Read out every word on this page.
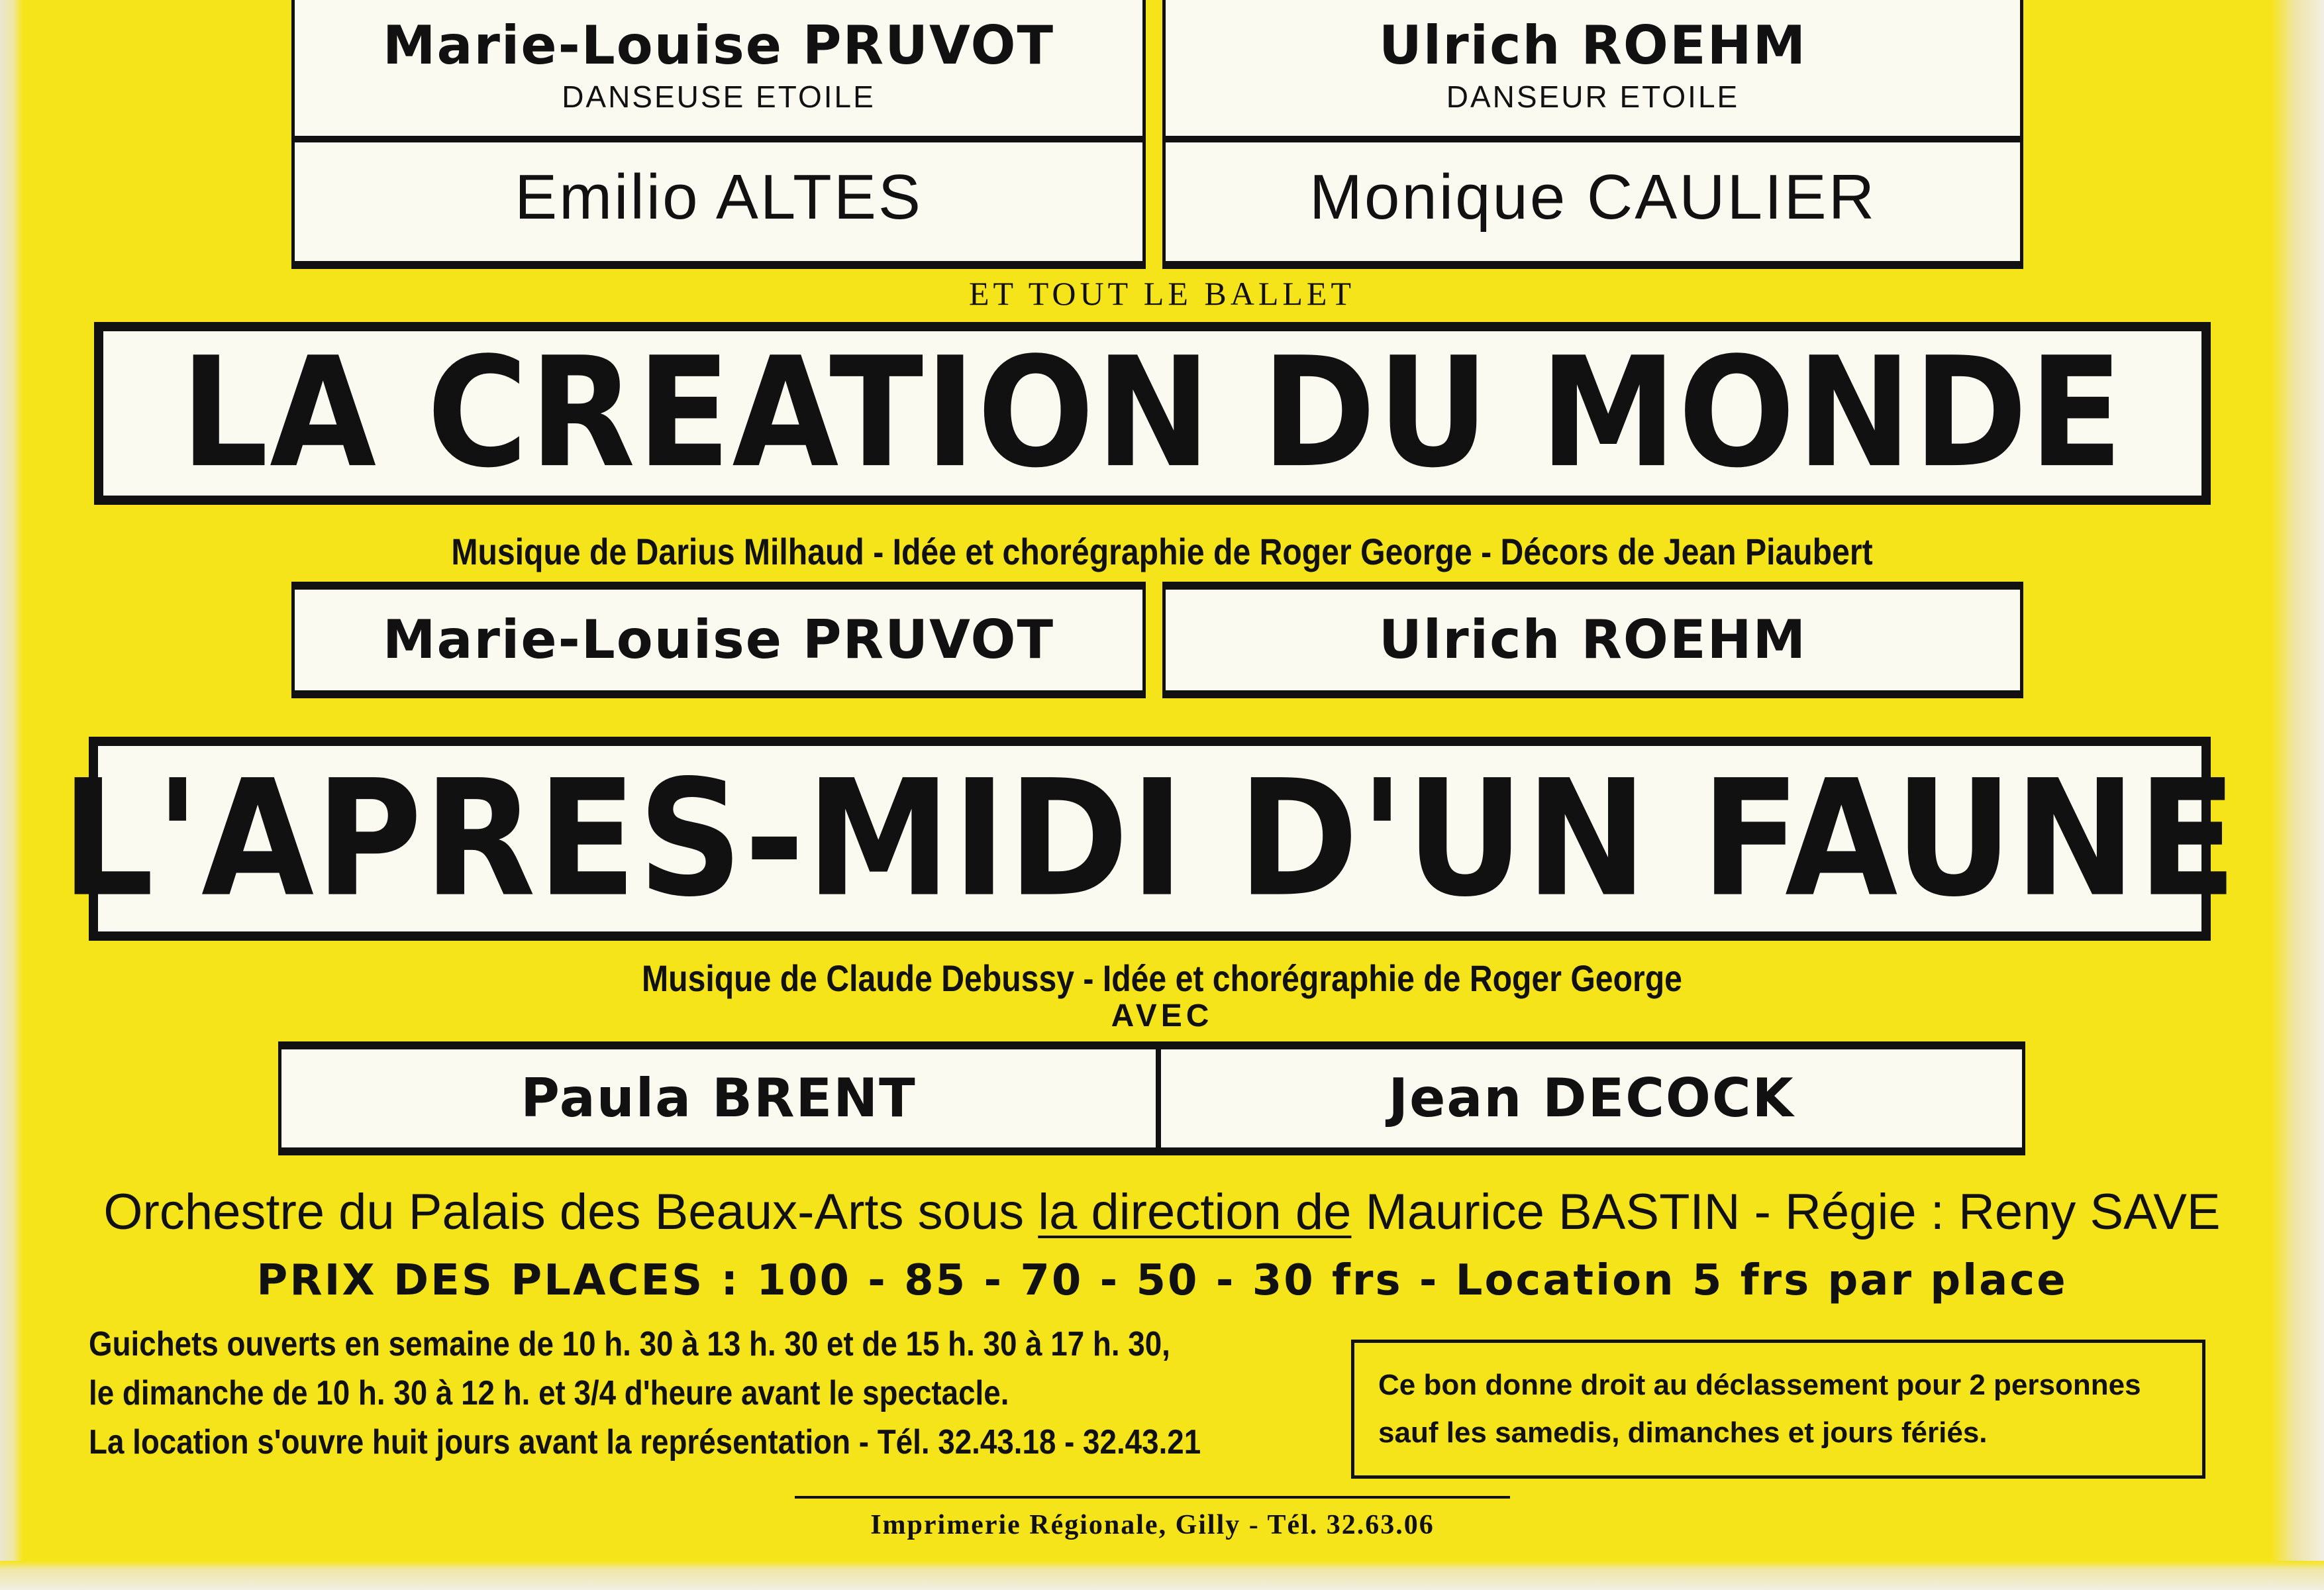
Marie-Louise PRUVOT
DANSEUSE ETOILE
Emilio ALTES
Ulrich ROEHM
DANSEUR ETOILE
Monique CAULIER
ET TOUT LE BALLET
LA CREATION DU MONDE
Musique de Darius Milhaud - Idée et chorégraphie de Roger George - Décors de Jean Piaubert
Marie-Louise PRUVOT	Ulrich ROEHM
L'APRES-MIDI D'UN FAUNE
Musique de Claude Debussy - Idée et chorégraphie de Roger George
AVEC
Paula BRENT	Jean DECOCK
Orchestre du Palais des Beaux-Arts sous la direction de Maurice BASTIN - Régie : Reny SAVE
PRIX DES PLACES : 100 - 85 - 70 - 50 - 30 frs - Location 5 frs par place
Guichets ouverts en semaine de 10 h. 30 à 13 h. 30 et de 15 h. 30 à 17 h. 30,
le dimanche de 10 h. 30 à 12 h. et 3/4 d'heure avant le spectacle.
La location s'ouvre huit jours avant la représentation - Tél. 32.43.18 - 32.43.21
Ce bon donne droit au déclassement pour 2 personnes
sauf les samedis, dimanches et jours fériés.
Imprimerie Régionale, Gilly - Tél. 32.63.06
